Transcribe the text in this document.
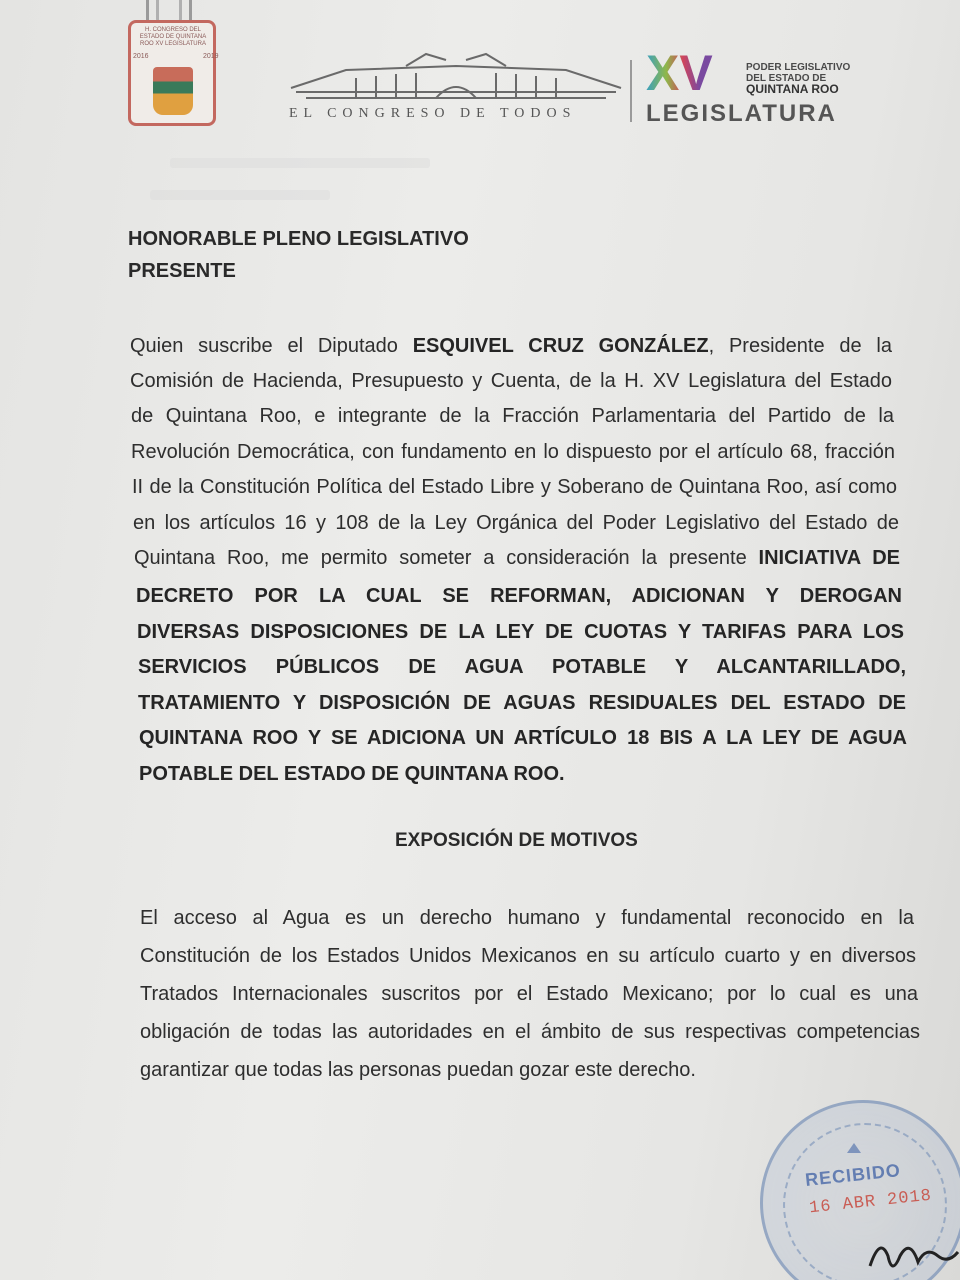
H. CONGRESO DEL ESTADO DE QUINTANA ROO XV LEGISLATURA
2016	2019
EL CONGRESO DE TODOS
XV	PODER LEGISLATIVO
DEL ESTADO DE
QUINTANA ROO
LEGISLATURA
HONORABLE PLENO LEGISLATIVO
PRESENTE
Quien suscribe el Diputado ESQUIVEL CRUZ GONZÁLEZ, Presidente de la
Comisión de Hacienda, Presupuesto y Cuenta, de la H. XV Legislatura del Estado
de Quintana Roo, e integrante de la Fracción Parlamentaria del Partido de la
Revolución Democrática, con fundamento en lo dispuesto por el artículo 68, fracción
II de la Constitución Política del Estado Libre y Soberano de Quintana Roo, así como
en los artículos 16 y 108 de la Ley Orgánica del Poder Legislativo del Estado de
Quintana Roo, me permito someter a consideración la presente INICIATIVA DE
DECRETO POR LA CUAL SE REFORMAN, ADICIONAN Y DEROGAN
DIVERSAS DISPOSICIONES DE LA LEY DE CUOTAS Y TARIFAS PARA LOS
SERVICIOS PÚBLICOS DE AGUA POTABLE Y ALCANTARILLADO,
TRATAMIENTO Y DISPOSICIÓN DE AGUAS RESIDUALES DEL ESTADO DE
QUINTANA ROO Y SE ADICIONA UN ARTÍCULO 18 BIS A LA LEY DE AGUA
POTABLE DEL ESTADO DE QUINTANA ROO.
EXPOSICIÓN DE MOTIVOS
El acceso al Agua es un derecho humano y fundamental reconocido en la
Constitución de los Estados Unidos Mexicanos en su artículo cuarto y en diversos
Tratados Internacionales suscritos por el Estado Mexicano; por lo cual es una
obligación de todas las autoridades en el ámbito de sus respectivas competencias
garantizar que todas las personas puedan gozar este derecho.
RECIBIDO
16 ABR 2018
